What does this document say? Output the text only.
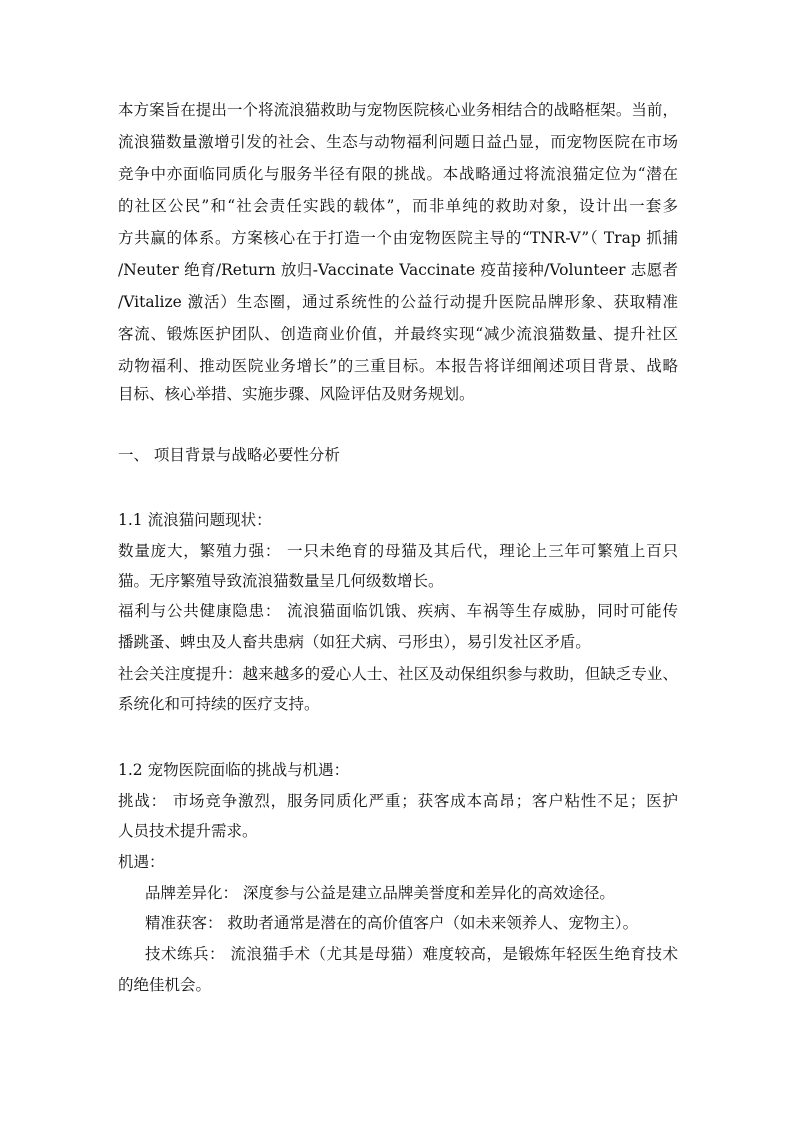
本方案旨在提出一个将流浪猫救助与宠物医院核心业务相结合的战略框架。当前，
流浪猫数量激增引发的社会、生态与动物福利问题日益凸显，而宠物医院在市场
竞争中亦面临同质化与服务半径有限的挑战。本战略通过将流浪猫定位为“潜在
的社区公民”和“社会责任实践的载体”，而非单纯的救助对象，设计出一套多
方共赢的体系。方案核心在于打造一个由宠物医院主导的“TNR-V”（ Trap 抓捕
/Neuter 绝育/Return 放归-Vaccinate Vaccinate 疫苗接种/Volunteer 志愿者
/Vitalize 激活）生态圈，通过系统性的公益行动提升医院品牌形象、获取精准
客流、锻炼医护团队、创造商业价值，并最终实现“减少流浪猫数量、提升社区
动物福利、推动医院业务增长”的三重目标。本报告将详细阐述项目背景、战略
目标、核心举措、实施步骤、风险评估及财务规划。
一、 项目背景与战略必要性分析
1.1 流浪猫问题现状：
数量庞大，繁殖力强： 一只未绝育的母猫及其后代，理论上三年可繁殖上百只
猫。无序繁殖导致流浪猫数量呈几何级数增长。
福利与公共健康隐患： 流浪猫面临饥饿、疾病、车祸等生存威胁，同时可能传
播跳蚤、蜱虫及人畜共患病（如狂犬病、弓形虫），易引发社区矛盾。
社会关注度提升：越来越多的爱心人士、社区及动保组织参与救助，但缺乏专业、
系统化和可持续的医疗支持。
1.2 宠物医院面临的挑战与机遇：
挑战： 市场竞争激烈，服务同质化严重；获客成本高昂；客户粘性不足；医护
人员技术提升需求。
机遇：
品牌差异化： 深度参与公益是建立品牌美誉度和差异化的高效途径。
精准获客： 救助者通常是潜在的高价值客户（如未来领养人、宠物主）。
技术练兵： 流浪猫手术（尤其是母猫）难度较高，是锻炼年轻医生绝育技术
的绝佳机会。
